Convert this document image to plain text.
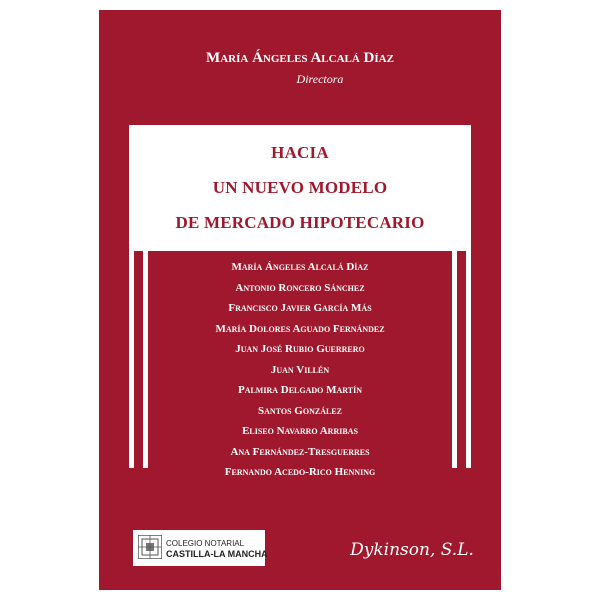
María Ángeles Alcalá Díaz
Directora
HACIA
UN NUEVO MODELO
DE MERCADO HIPOTECARIO
María Ángeles Alcalá Díaz
Antonio Roncero Sánchez
Francisco Javier García Más
María Dolores Aguado Fernández
Juan José Rubio Guerrero
Juan Villén
Palmira Delgado Martín
Santos González
Eliseo Navarro Arribas
Ana Fernández-Tresguerres
Fernando Acedo-Rico Henning
COLEGIO NOTARIAL
CASTILLA-LA MANCHA	Dykinson, S.L.
